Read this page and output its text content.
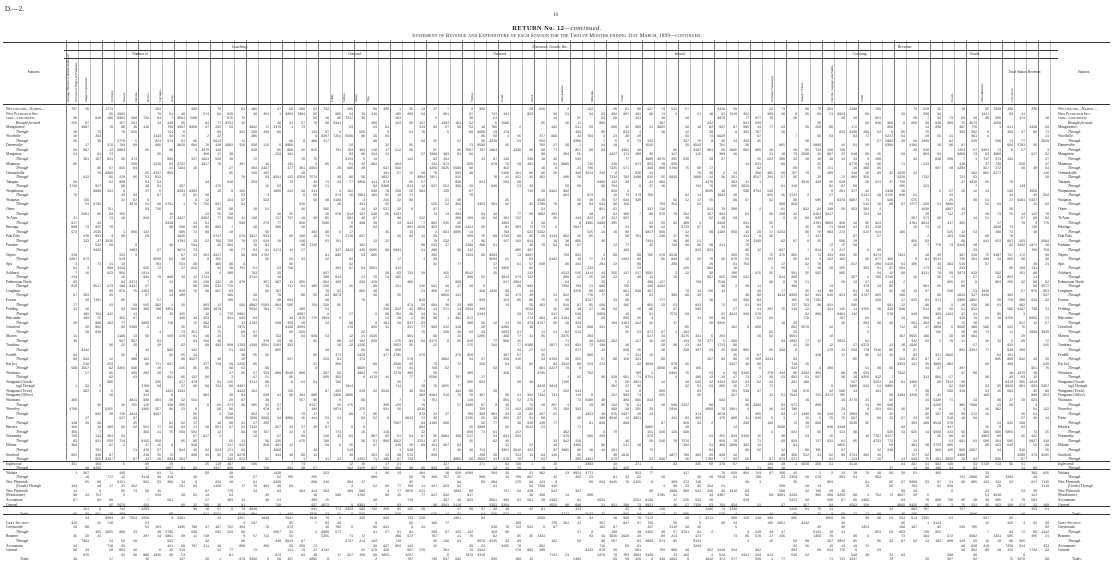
D.—2.
16
RETURN No. 12—continued.
Statement of Revenue and Expenditure of each Station for the Twelve Months ending 31st March, 1899—continued.
Stations.
Coaching.	Livestock, Goods, &c.	Revenue.
Number of	Outward.	Outward.	Inward.	Coaching.	Goods.
Total Station Revenue.	Stations.
Average Number of Hands employed. Amount of Wages and Salaries. Wages Expenditure.	Ordinary.	Season.	Parcels.	Horses.	Carriages.	Dogs.	Cattle.	Calves.	Sheep.	Pigs.	Timber.	Grain.	Wool.	Merchandise.	Minerals.	Total.	Ordinary Passengers.	Season Tickets.	Parcels, Luggage, and Mails.	Total.	Goods.	Miscellaneous.	Live Stock.
Wellington—Napier—
New Plymouth Sec-
tion—continued.
Brought forward
Mangatoetoe
Through
Woodville
Through
Dannevirke
Through
Mangatera
Through
Matamau
Through
Ormondville
Through
Takapau
Through
Waipukurau
Through
Waipawa
Through
Otane
Through
Te Aute
Through
Hastings
Through
Paki Paki
Through
Farndon
Through
Napier
Through
Spit
Through
Ashhurst
Through
Palmerston North
Through
Longburn
Through
Foxton
Through
Feilding
Through
Halcombe
Through
Greatford
Through
Marton
Through
Turakina
Through
Fordell
Through
Kai Iwi
Through
Waitotara
Through
Wanganui (Goods-
ing) Through
Wanganui (Town)
Wanganui (Office)
Waitotara
Through
Waverley
Through
Patea
Through
Hawera
Through
Normanby
Through
Eltham
Through
Stratford
Through
Inglewood
Through
Waitara
Through
New Plymouth
(Goods) Through
New Plymouth
(Breakwater)
Accountant
General
Totals
Grey Section
Greymouth
Through
Brunner
Through
Accountant
General
Totals
Wellington—Napier—
New Plymouth Sec-
tion—continued.
Brought forward.
Mangatoetoe.
Through.
Woodville.
Through.
Dannevirke.
Through.
Mangatera.
Through.
Matamau.
Through.
Ormondville.
Through.
Takapau.
Through.
Waipukurau.
Through.
Waipawa.
Through.
Otane.
Through.
Te Aute.
Through.
Hastings.
Through.
Paki Paki.
Through.
Farndon.
Through.
Napier.
Through.
Spit.
Through.
Ashhurst.
Through.
Palmerston North.
Through.
Longburn.
Through.
Foxton.
Through.
Feilding.
Through.
Halcombe.
Through.
Greatford.
Through.
Marton.
Through.
Turakina.
Through.
Fordell.
Through.
Kai Iwi.
Through.
Waitotara.
Through.
Wanganui (Goods-
ing) Through.
Wanganui (Town).
Wanganui (Office).
Waitotara.
Through.
Waverley.
Through.
Patea.
Through.
Hawera.
Through.
Normanby.
Through.
Eltham.
Through.
Stratford.
Through.
Inglewood.
Through.
Waitara.
Through.
New Plymouth
(Goods) Through.
New Plymouth
(Breakwater).
Accountant-
General.
Totals.
Grey Section
Greymouth.
Through.
Brunner.
Through.
Accountant-
General.
Totals.
707

36
230

18
10
29

82
54

85

62
2749

78

21
917
696
973

216
3097
3
81
7
214
65
818

97

77
43

30

11
36

94
68

588

1

389

4780

448
408
365
736
93
389

601

451

1

104
14
96
97

68

345
29

35

34
96

49

35

67
4867

17
897

361

913

739
53

5591

73

476
333

873

3
19

563
40

19
165
440

40
49

8242

943
519
2597
57

93
962

47
29

46
307
19
55

44

151
39
34

66

38
7361

33
879

816

73
294
39

94
197

66
78

817
9680

9732

69

44
655
2535
653
27
532
8433

73

9517

7102

764
75
696
992
646

5
2

45

902

96
19
7
143
821

701
346
655
458
9335

60
16
6
751
62

8
951

25

465
24

1773
35
166

76

379
13
74
641

87
6268
69
52

241

721
83
74

78

4
3535
56

41
880
923

973
89
26

43

442

493

96

12
223
92
65
82
865

5
29

9155
48

466

394
550
87

67
8287

772

17

89
95

76
8003
716

9655

24
719
90

17

2902
8361
157
66
78

3770
798
8864

95

645

210
868
68
9
49
31

763
18

1
88

222
510
43
4119
858
19
82
186
679

85

84

353
77
83

1189
657
22

95

2355

45

715
917

92

64
714
2

5

449
12
6151
31
65
5

5675
742
360
82

868

58
65
684
64

566
521
49
925

5
60

374
258
84

85

33
97
4679

609

0
1063
0

9374
6447
75

58
950
11
97

5308

13
397
29

1
386

636
309
63

3811
755

2824
87
25
82

21

67

452
74

7554

33

29

46
89

732

419

80

93
53
54
38
47

9
52
93

819

142
58

935
1011
984
7
57
1262
57

545
369

9803
9

58

41

182
86

203

2786
89
312
908
115
3465

551
359

8195
47
476
218
12
60
97

4118
992

58

7
292
4283

1836
54
55

207

866
15

294
70
81
44

3143
823
969

35

2216

2547
833
54
81
5
67

86
726

87

9500
703
72

70

57
362
786

64

4

84
40

771
40
56

335
59

804

557
6497

77
41

658
15
97
55
29

61
46
33

45
520

101
39
44

6
1035

51
7
348
758
721
64
974

86

689
94
21
893

5791

10
17
6339
88

49

84

986
21

90
14

1
2051
33

746

550

995
95

637

74
691

1321
6
36
436
69

81
92
75

8

72
608
28
1867
71
310
368

561

68
8

3799
9861
533
441
12
98

46
8591
95
2097
6
76
91
8828

8722
7384

297
8231
6

1

2927

506
665
1845
4781

6974
67
48
554
27

43

610
160

59

155
446

45
73
278

92

55
85

245

85
977
37
1334

32
205
23

52
84
559

85

644

594

91

34
147

38

80

5481

1285

90

88
210
54
337

980

7588

8906

49
684
3

227

16

8384
91
9
75

24
89
72

23
544
73
23

38
919

22
28
66
79

33
75

251
61
64

432
44
8527

85

122
470
80

594

8
50
96
17
17
502
57
80
638
45
689

82

40
9
64

82

32
89

788
938
11

787

574

94
37

2

76
3070
309
1991
3917

34

59
12
755

22
8492
51
65
68

52

261
0

94
1741
138
266
96

803
396
42
323
492
353

56
258
68

477
65

66

98

684

9

40

917

62
20

35

90

97
14
27
786
10
641

47

740
32
211

40

76
62

77
235
90
22
5912
426
149
17
920
79

475
19

847
29
79
77

863

5747
799
10

8317
762
496
44
4

132
532
957

12
2879
1

24
75
34
46
483

48
718

91
731

83
96
4

16
651
13
3

624
95

110
3317

234
1159

36
57
3971
23

467
582

19
41

1

529
675
8754
53

9602

38
26

27
35

816

9

154

88
58
590

7
10

750
303
18

96
39
280

15
770
63
169
780

779
941

900
51

59
68
27
3
115
69

36
20
274
96
730
9566
68
47

55
117
171
13
439
487
699
48
28
48

779
54
463

9

722
243

77
61

92

73
15

324

11
315

267

78

155
53
37
91

11
590

576
70

77
98

3
701

976

569

5092
503
43
7375
80
72

2703
194
36
20
1225
53
85

8407
9423
81
87
56

41
41
69

11
812
93
8276
872

88

17

14
91
78
1513
4257
3
383
89
0
96
606

879

495
38

9982
290
385

556
849

72

494
159

533

18

139

49

3947
53
15
64
456

51
793
5712

28
54
9882
5034

83
4783

57
60

1290

55

65

27
67
6711

191

285

852
7909
27
7433
58
23

505

57
91
70
34

8826
601

537

57

72

5380

454

71
448

115

16
3187
103
93

15

3
933

51

270

56
633
920
83
81
2702
59

467
79
82

5583
764

370
9564

95

69
333
51
66
21

630
39
93
678
2
3939
205

797

56
860

95

729

464

30
48

5819

79

713

409

0

47
1

26
2479
66

5
65
233

8291

93
1809

39
727
77
966

10

5174

53
29
10
387

767
79
68
864
71

508

733
33
5163
695

988

41

57
87

34

627

67
335
401
2990
443

1430
52
8329
46
83

51
748

4

5007

448

672
59

96
8253

41
1

98
8099
666
181

145
477

143
73

242

25
737

60

41

94
66
718

11
712

504
505

33
350
8139
90

45
333

507

6540
85
9

726
88

9098

34
41

22

46

7
804

705

93

443
5947
95
972
33
55
9813
69
141

457

568
7884

57
73

8

45

79

461
40
6350

46
9

619
46

19
956
40

296
146
86
27

31

855
64

66

190
8097
676
20
8204
929
94

606

54

281
557

70
15

27
6
90
979

69
1
74
30

594

87
956
79
83

52
55
83
78

133
6
386

615

75
3
2954

7574
44
85
411
50
58

30

462
19

7210

185

55

759

770

648
95

85

37
6

81

880
86
8137
109
17
444

30

16
13

57

205
698

314
18
260
937
641
7876
7919
7

4

72
27
18
8685

742

19
69

37
6207
417

65

71
21

48

495
25
85
7590

98
73
81

91
22

837
200
864
249
76
83
88
320
54
9
1003
24

53

38

553

307
609

67

53
5
97

126
788
58

41

323

316

583

15
6673

32
79
93
16
8900
5255

6742

8

885
90
8341

8
7254

701

28

40
94

4
974
3189
48

978

8

761

327
985

284

614
430

64
8673

65

0

86
29

477
91
209

93
303
796

202
3389
0
59
5671

54

773
33

8

34

580

771
31
5
39
765
577

17

565
24
7317

63

5509

34
784
83
6124
51
985

69
77

102
28

814
991
0
25
17
1776

4913

82
32
97

45

27

69
178

12
22
12

7614

2605

175

89

9

64

25
513
40

12
502

694
2
489

9
9263
8

0

71
3747

327

78
39

569
86

464
86
5
42
40

58
2059

7681
4
431
34
197
40
398

837

182
438
54

64

21
936

665

70

52
21
102
1239
69
2429
173

6626
4864
8

210

69

375
7
84

9
16

39

4294
26
2320

47

668
4762

9361
598
593
335

72
214

52
109

69
319

409
53

29
66

116
324
14
982

411
82
940
160

42
939
87
28
94

13

9505
665

3561

79
228
86
16
49

0

6
820

1916
828

68

70
1478

32

95
52

887
51
67

451
71

927
1
986

52

38
7
732

9
66
41

142
36
478
88
2

300

91
9
84

32
17
21

637
191
4652
874
8388
76
92
215
55
537
56

45

22

68

28
74

49
239
96
12
104
32

26
477

44

3549

280
901

8

419
85
808

24
185
47
552
80

92
4
86

200

849

841
57

837
426
4853

1
159
164
443

512

904
949
57

238
10
22

32
1231
88
43

45

5844

17

413
93
185

131

35

622
782
29
58

175
2953
856
2785

2046
50
7278

25
714

7
120
56

7567

51
2652
448
1
38
97
21
496
24

77
77
45

63
95
676

91
289
710
602

45
263

50

91

65
46

123

10

90
614
55
17
86

0

614
801
15
84

723

468

874
45
36
2
847
251

661
84
35

570
20
34
400
77

39

6813

64

20
546
574
710

86

59
65
780
3676

710

125

743
92
8
62
972

144
687
4237
767

13
94

157
214
76

94

57

58
8804
57
12
904

522
7
1539

14

88
41

1

50

215
21

643
59
3654
34
95
63
77
79

64

378

7
28
254
383
9
79
9219
873
74
93
884
32
67
3751
80

65
484
78

11
811
77

20

528

34

279

47

3

84

25

67
7889
82
244
4269
79
7851

627

525
87
74

894
352
2
33
70
543
266
292
38
91

591
309

964
41
91
88

980

68
9171
22

73
796
58
5566

79

6494
751

24
40
1180

35
87
151
57
600

603

298

347

847

96

529

166

280
767
25
15

740

7
691

4484
57
5

383
444
974
3925

552
129

31
52

13

645

831

532
37

155
37

39
47
8859
4
36
271

1

542
438

8

8682

82

1855

519

37

886

8981

897

327
38
48
757

633

332
397
9041

14

77

67

139

391
9
847

184
59

67

82
61

5569
603
815
608
399

90
359
1
264
208
25
839
3605

88

77

860
27

441

23
14
38
384

318
48
13
65

370

72

707

77
182
79

57

199

94
45

6865

61
620
55
84
91
1893

38
3118
47
31
2391

413
21
94

935

0
67
38
52
53
80

73
7567
56

929
60
48

29
67
78

103

5424
14
500
1
1168
212
7234

6542
906

20

406
5024

672
966

84

610
275

650
34

300

255

60
76
118
1596

769
5735

35
856
517
35

39

68

6200

60
817
823

98

142
76

39
79
7878

308

16
9696
89
39
8599
707

41

621

2453

81
46

90

70
69
488

69

52

6
429

840

248
9144

35
28
43
2205

27
229

27
632

387

67
750
383
95
93
3869
71

714
208
2550
271

906
50

97
51
83

6675
24
3344
3310

747
51
5
795
13
50
3228

1964

67
976

76

846

581

42
59

69

91

8304
6504
27
11
59

1320

12

77
349

93

29

0

661
38
77

81
53
62

29
41

22
504

884
91

6591
5393
38
625

849
450
62
8125

830

434

1586

174
4

45

146
79
452
5185
41
559

25
64

161
2094
61
798
1738
157

61

5650

6814
947

88
93
154
14

11
9266
1833
298
689

467
259
84

359

36
854
16
72
94
262

64

941
40
22
8301

678
62
41
44
15

737

398
9204
18
623

76
96

33
8435

2

45
53

3199

58

191
921
89
53

77
722

303

89
150

885
72

61

574
6854
89

173
85

20

56

91
77
35
77
34
57
210

735

56

21
52

412
13
97
38

147
503

8910
314
78
739
56

709
270

92

61

42

160
722

65
69
76
276

186

26
853

96

246
481

85
42

43
710

32

50

0
73
922
95
614
28
407
3847
63
57
62
212
732

883
14
40
89
59
3533
772
274
273
18

41

8168
27

82

19

302
275
73
1325
84
31
940
1514

97
432
13

1

52
997
98
92
226
29
561

42

522

25

693

13

815

65

377
553
758
89
89
18

16
95
102

29

6546
2786
31
1862

48
73
5342
29

76

840

75
103

983
8757

11
85

52
45
33

891
8745

6019
2
7194

58

437
66
126
21

64
93

79
462

423
7268

439
20

61

4568

9

2431

992
406

50
14

432

699

27
77

43
91
6
28

6422

78

201
65

3

4144
19
83

8184

51
6

16
917
43
60

21

2877

8793
92
9227

4013

731

267
75
97

77

33
18
97
145

16
3

42
6
419
912

3193
4555

720
67

192

7721

2
51

46

36

384

8886

406

50
882
694

682
36
84

759

66

1513
900
94
7290

822
26
819
88

2194
39

82
8375
71
91

29
2942
78

1
7765

502

4
190

392
479
842

2665

23

13

86

3772

291

21

67
11
911
483
24
6200
1
857
55
530

21
430
20

56

83
48

444
8
5947

29
685
97

632
16
344

545
52

704
3226

87
16
548
45
313
52
514

954
677

555
66
6

62

541
712
72

342

30

71

219
2405
80
35
290

77
6031
202

327

81
686
413

95
24

27

50

5460

142
34

59

784

90

715
709
4524

974
36
63

48
822
4365

525
65

77

233
4414
25

21
65
776
9727
65
27

898

203
39
72

860

524

782

6
6160
10

4453

61

566

18

1681
3083

4771
23
80

806

5577
34

8
63

8133

23
93
865

60
3
7
14
64

310

8496
88

78
531
851

47
5960
1
14

49

3
21
201

44
29
33
986
662
77

949
96
5059
93

331

9229
188
44

57
272

80

40
85

49
188
648

9
240

89
44

594

5933
21

32

397
192

19
88
716
976
4476

36
302
59

690

24
5
16

2427

316
7325
6
7234
132
704
858
10
57
96
61
91
317
205

16

22

69

22

355
22

43

84

159

292

96

530
5
302

247

152
898
975
8019

70

291
40
973
39
91

61
8445

831

19

67
180
9845
507

59
78
99

91
697

32
613
36
0

4393
471
77

571

792
30

3
73
644
156

480
957

31
80
26

77
163

2404

127

2
730
681
29
98
185

10
899
9101
55
25

46
648
7
158

991
56
47
14
963
368
76
58
2337
12
686

46
517

1619

326

34
79

268
32
663
690
827

2926

56

703
50

80
402
241

860
4
20
73

48
260

871

836
4488

6

273
330

7

701

69
98
69
23
217
46

638

26

25
442

53

127

15
411
331
32

760
71
4821
45
8
74
895
91
255
30
4951

18

371

823
62
9155

5531
73
6
94
79
37

48
28
84
61
991
3901
229

927
89

31

242
1515

30
3965
953
399
14
615
21
37

798

337
86

53
90
9017

7444
35

795

3592
12
468
145
457
81

855
66
91
4
42

671
917
49

10

3818

1
8751

813

33
14

6865
151
974
56

74

33

5
77

8

90

6136
8841

701
7172
729
157
4155

4639

3428
9

74
74
48
397
8850
36

8579
19
808

55
699
16

759
718
676

50
22
669
246

476
95

127
9492

777
33

67
34
50
58
26

69

9596

12

659
555

20

97

946

546

636

48

4

9785

149
12

49
60
874

750

449

513
2

92
427
255
830
5708

9649

93
253

78

93

37
66
720

9516
844
209

3
15

380

53
97
7579

37

1

88

976
38
9394
4

508
5010

434

129

76

4877

83

300
88
2989
91
17
48

22

50
2110
57
214
95

888
42
1893

57

30

49
42
59
437
35

530

75

52
12

252
49
468
5733
22
85
86
68

10

129
32

79
89

93

65
264
6175
134
23
329

35

76

38
32

5237

83
829
39
968

7279
392

766
45

417

372
33
660

235
27

885
68

46
9741

46
299
6

21

19

70
6542
3167
115

60
76
2688

742

11
17
52

4
87

51
96
823

53

738

44
35

942
586

31

331
76
94
307

169

186
545
61
83
60

474
403
54

483

345

39
749
65
534

933
7330

7
5
49
82
474
8313
3249

19

242
62
39
73
8

661

20

77
36
44
4476
76
8505

55

911
257
62

69

36
923

76
25
962
30
697

740

36

50
50

5
277

23

197

24
13
32
24

88
4668

2

24

41
64
29
7790
50

58

343
229
44
40
53
2486

6211

2

952
4
4842

8419
52
9670

937

9920
36
761
59
300
27

2
39

18
2634

79
984
18
8348
33
1190

211

69

625
7518
86
41

72

67
44
9040

204
5
2713
25

84

4
29
4154
805

583

79
4579
475

255
849
469

846
7
379

76
7016

51
34
9467

794
74
536

66

3240
514
372

30
7410

87
9

44

1695
46

14
351
363
595

29
69

308

63

658

329
676
81
19
206
266

2

92

27
6913

182

290
96
826
25
68
5327

89
47
193
45
701
327

2001

689

14

644
78
1868

10
50
87

620
91

4318

634
4238
4
909
43
5

73

543

277

352
77
821
885
392

303
38
969

14

31
3629
598

97

61

831
38
43
412
70
75
96
75
54
759

524

28

36
299
61

848

6

685

70
46

6449
73
81
27
539

92
39
4

31
298

9109

392
85

59

31
804

26

96
63
610

128

3
85
4

3431

677
550
44
787
97
45

809

25
931
82
366
9547
1

8753

2

28
8
2190

42

975

11
49
60
84
64
41
570
52

956

26

87
220
80
6

3
92

47

6399

455
940

15
71
13
82

71
744
709
3

31

249

918
579

842
534
556

32
260
76

77

18
21
522

495
204

549
955
93

89

55
3
17
39

75
724

5
55

86

287

94

92
52

80

3213

278
20
54
71

32

40

5
180

3

87
189
384
87

88

44
306
105

40
27
15

811
1

73
40

93
49

665

19
309
88

56
57

81

45

360
81
236
0

5233

62

647
375

17
50

814
8

77
4913

75

18

83

938

443
31

51

94
94
83
3

5589

40
90

12
88
874
48
16
306
33

508
596
9601

37

4851

47
235

77

6
26

7

29
78
23

60
787
95

318

9744
66
646

32
15

67

955
60

561
206
70
490

8030
105
737
119

28
662
63
6551
1063
41
0

93
716
822
66
692
291

718
7944

671
786
17

74

821

829
83

459
527
1

44
3359
35

2229
9417

1415
95
685

50
92
803
530

86
35

35

36

65
2596
46

70

9019

2

832

69

45
66
7
8

7

63
82
7
35

21

45
82
78
753
12
32
778

6578

77
38

15

3204
51
189

976

16

2406
15
18
72

23

69
522

6838

29

28
42

58
357
91

9242

66
45

52

75
58

20
226

56

4866
724
15
19
25
75

33
426

505

84
9191
620
3761
59
70
127
25

614
74
0
76
48
562

44
103
7792
88

669

12

448

3
304
567

752

800

29
5
909

58

727

765
41

356

1
570

14
700
365

70
32

30
5142
1359

58

833
21

89

83

126
807
48

171
280

35
82
0
27

83
248
8217

6603
71
663

72
4
434
322

28

13
80
540

831
341

10

10

12
276

408

8
42
6472

418
79

946

15
934

52
81
31

2

803

50
208
596
94
11
8
4059

18
78
297
10
624

71

8823
56

813

44
729
47
12

72
526
87
201

6378

58

858
7616
272

596
75
217
440
162

235
885

20

824

145
8481
797
40

3023

22
17

66
36

590
765
18

24
2
75

4188
411

81
4855
87
69

24
803

48
8229
67

56
48
46
90
24

3854
44
779

721

2466

40

172
9108
83

91

848
34
9778
16
318
860

60
377

9887

953

10
41

87
20
50

45

817

597
13

81
35
13
585
11
142

37
558

65

26
26
527
4485
44

8778

1063
597
2546

86

85

3724
423
6118

38
54

86
85
6292

33

66
85
18
6
916
1537

59

63

298
71

50

69
3
44
368
19
359
26

42
5131
71
515
264
731

85
33
915

6

69

393

1
27
478
78
3737

4759

93
802
1
3

91
9373
778
85

54
633
8256

612

21
14
0
58

35

19

282

79

81
78

3
1499
150

17
89

1251

3

72

38

799

631
836

52

57

45
208
86
85
60

874

48

46
4
34

924
230
644
57

60
6174
677
208
61
34
785

43

820
429

36

89

7019
34

88

612
5291
54
104

80
101

88

7767
6723

32
45
10

36
663

752

60
86

953

95

23

395
858
9
5272
5663
6308

32

47

5448
3725
946
68

369
5410
97
12
3735
14
85
92

961
326
576

26

13
65
10

58

7
34
6065

39
94
506
561
15
22

625
6177
773
50
246

37
59

95
20

73

41

54

59

33

22
70

28

8

65
54
30

83

71

1928
5328
730
205
36
646

87

169

7324

61
584
68

2

16
296
17
22
848

43

712

497

26
6

223
6353

7342

91

4463

46

87

50
43

13
94

30

67

69
8827
93
6699

48
534
95
199
653
73
87

83

79

58
909

58
4164
18

33

31

51
575
7277

267
3761
10

859
22

0
405

15

13

915

940

651
38

8555
312
1845
87
82
451
147

4489
87
7
4248

24
303

625

31
481
14
727
638
297
11
51

6006
794
29
50

6425
863
195
514

187

93

520
639
7
38
14
75
28
1409

540
603

213

7792

323

329
1630
10
571
9814
74

2
83
7

18
81

173
8121

891
37

61
96
511

856
393
17

166
62

87
50
34

313

36
25
44

30
85
10
468

14

36

52
75
41
88

33

5
76
85
767

2355
1

726
194
14

20

15
59
94
646
838

55

10

63
646

667

5

51

30

12

776

30
9514
45
23
70
28

80

69
871

40
390
39
84
1606
745

2

321
17
3880
37

964
96

41
5320
9229
0
197

6516

9038
35

3723
966

401
962
189
495

87
81

866
82

9123
85
652

183

73
809

41
84
86

209

56

57
43
25
4686
4807
712

417

525
424

74

493

59
1
955

536

9
29
1194

5

38
79

2990

882

57
7314
92
599

71

58
310
579
817
443
86
51
805
145

6956
148
44

21
626
0

736
3

54

972
806

268
557

16

84
75
467
393

87
7254
9859
7
416
4203

721
37

25

43
47

365

12
538
66
9446

497
745
518
233
3073

87
66

2823
8360
10
51
47
416
72
8596
20
18
21

802

207
97

50
506
419

365
4
50
16

59
42
981

889
4460
10

8

741
98

90
75
727

245

120
96
16

40
8574
776
582
691
520

57
73
1

492
93
4830
7
12

98

14

53

20
33
216
261

933
57
8

53
317
1802
539
813
41
76
28
388
48
994

57
8301

68

43
7566

572
58

91

5997

94
33
83

5888
885

38
431

7086

705

6962
90
930
662
36
62

85
1417
88

8
9

6401
63
747
37
957
892

60

24

54
52

29
51

86
841

75
280
97

4045
3448

98

64

569
74

45

77

66

98

34
51
186

16
15

15
996
3062
500
98

5720

23
56
423

22
51
39
26

927
12

7

19
210
60

7828

309
4259
1

596

74
3890
574
729
272
6177

63

73

17
4928
468

621

5487
34

992
33
883

20
81

65
19

76

42

52
685

95
15

66
23
482

24
0
990
60
281
423
44

625
713

132
29

6018
565
693

2331
18

26

196
63

911
349

71
904
8

435

78

530
44
27

39
79

73
71
78
687
82

747
905

65

854
235

404
778

569

9730

532
11

5
833
938
791
809
408

18
90
9370
6829
564

37
56

945

5055

565
540

56

2283
52

5
108

82
435

94
905
68
7258
423

75

14
474

47

77
3763
57

828
98

143

9494

14
57
78

203
2402

172
80

190
151

32

57

286
892
6197
3

617
75

20
89

490

942

4370
63
305
861

28

35
27
298
84

35

819
6398
67
51
41

53

70
474

40

4

72

355
614

6
5970

209

3438
69

59

917

30

4556
45
5437
12

125
96
3
736
48

1371
700

28
731
86
11
88
59
678

919

736

8959
13

1836

23

951
46
15
4214
683
35
868
624
4
54
54
45

73
422
8827
52

473

80
399
26
817

40
121
584
21
423

84

69
405

7732

16

94
71
11
5629

3
92
27
47
94
116
38

934

92

76
82
779

9964
10
758
38
39
21

92
6577
854
937
32

21

21
57

3930

72
445

20
540
75

5357
90
853

132

14

25

418
88
25
9205

825

7135
2110

198
51

29
90
4142
21

333
82

98
